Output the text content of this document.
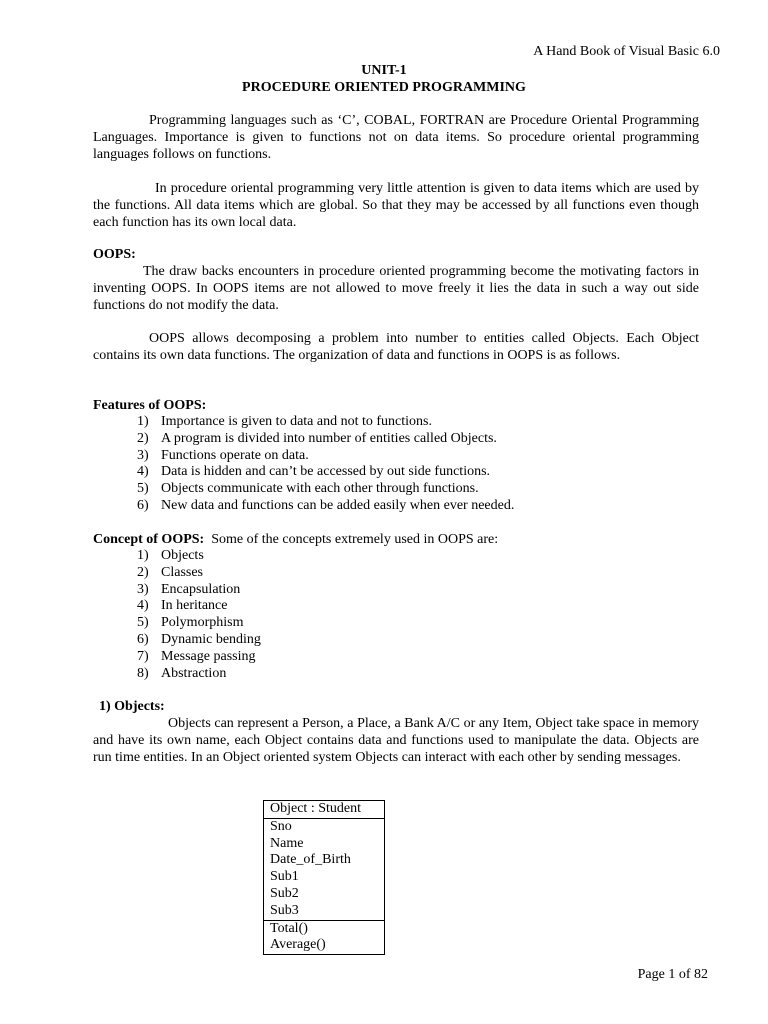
A Hand Book of Visual Basic 6.0
UNIT-1
PROCEDURE ORIENTED PROGRAMMING

Programming languages such as ‘C’, COBAL, FORTRAN are Procedure Oriental Programming Languages. Importance is given to functions not on data items. So procedure oriental programming languages follows on functions.

In procedure oriental programming very little attention is given to data items which are used by the functions. All data items which are global. So that they may be accessed by all functions even though each function has its own local data.

OOPS:

The draw backs encounters in procedure oriented programming become the motivating factors in inventing OOPS. In OOPS items are not allowed to move freely it lies the data in such a way out side functions do not modify the data.

OOPS allows decomposing a problem into number to entities called Objects. Each Object contains its own data functions. The organization of data and functions in OOPS is as follows.

Features of OOPS:

1) Importance is given to data and not to functions.
2) A program is divided into number of entities called Objects.
3) Functions operate on data.
4) Data is hidden and can’t be accessed by out side functions.
5) Objects communicate with each other through functions.
6) New data and functions can be added easily when ever needed.
Concept of OOPS: Some of the concepts extremely used in OOPS are:
1) Objects
2) Classes
3) Encapsulation
4) In heritance
5) Polymorphism
6) Dynamic bending
7) Message passing
8) Abstraction

1) Objects:

Objects can represent a Person, a Place, a Bank A/C or any Item, Object take space in memory and have its own name, each Object contains data and functions used to manipulate the data. Objects are run time entities. In an Object oriented system Objects can interact with each other by sending messages.

Object : Student
Sno
Name
Date_of_Birth
Sub1
Sub2
Sub3
Total()
Average()
Page 1 of 82
